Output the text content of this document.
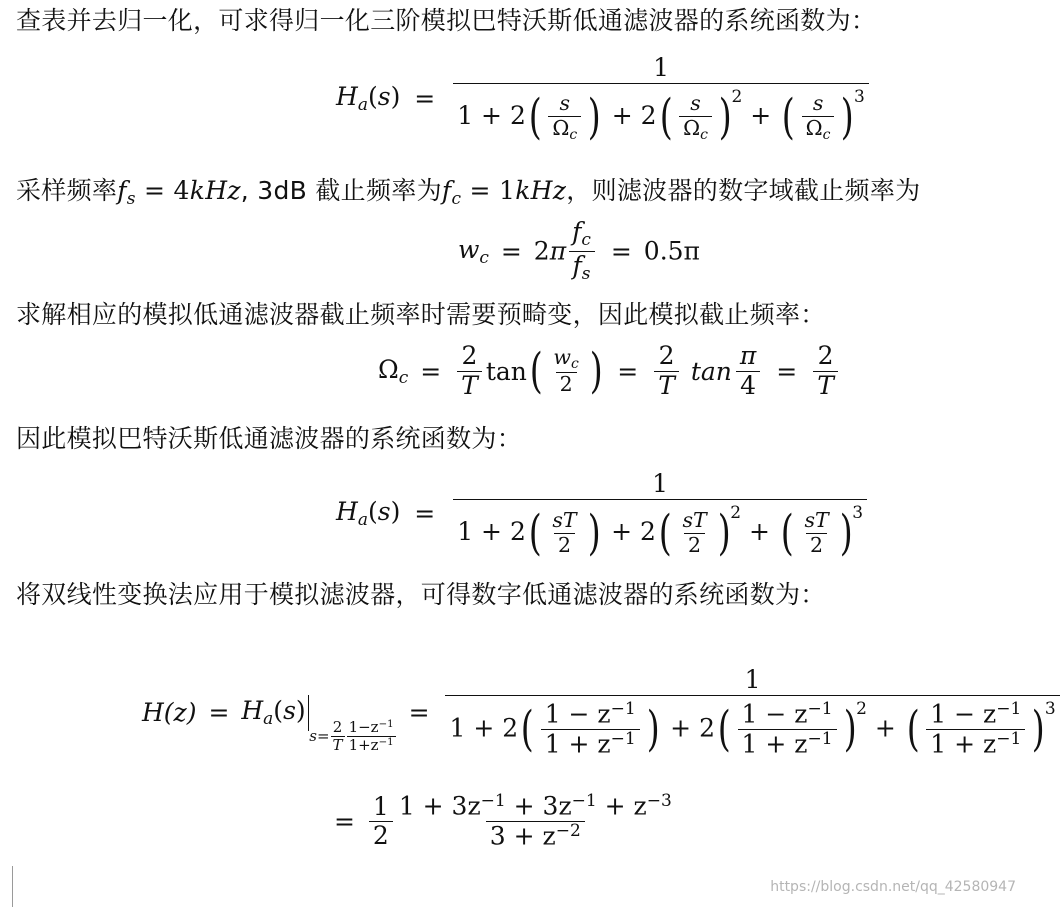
查表并去归一化，可求得归一化三阶模拟巴特沃斯低通滤波器的系统函数为：
$H_a(s) = \frac{1}{1 + 2( \frac{s}{\Omega_c} ) + 2( \frac{s}{\Omega_c} )^2 + ( \frac{s}{\Omega_c} )^3}$
采样频率$f_s = 4kHz$, 3dB 截止频率为$f_c = 1kHz$，则滤波器的数字域截止频率为
$w_c = 2\pi \frac{f_c}{f_s} = 0.5\pi$
求解相应的模拟低通滤波器截止频率时需要预畸变，因此模拟截止频率：
$\Omega_c = \frac{2}{T} \tan( \frac{w_c}{2}$ ) = $\frac{2}{T}$ $\tan \frac{\pi}{4} = \frac{2}{T}$
因此模拟巴特沃斯低通滤波器的系统函数为：
$H_a(s) = \frac{1}{1 + 2( \frac{sT}{2} ) + 2( \frac{sT}{2} )^2 + ( \frac{sT}{2} )^3}$
将双线性变换法应用于模拟滤波器，可得数字低通滤波器的系统函数为：
$H(z) = H_a(s)$
$s = \frac{2}{T} \frac{1-z^{-1}}{1+z^{-1}}$
=
1
$1 + 2( \frac{1 - z^{-1}}{1 + z^{-1}}$ ) + $2( \frac{1 - z^{-1}}{1 + z^{-1}} )^2$ + ( $\frac{1 - z^{-1}}{1 + z^{-1}} )^3$
= $\frac{1}{2} \frac{1 + 3z^{-1} + 3z^{-1} + z^{-3}}{3 + z^{-2}}$
https://blog.csdn.net/qq_42580947
